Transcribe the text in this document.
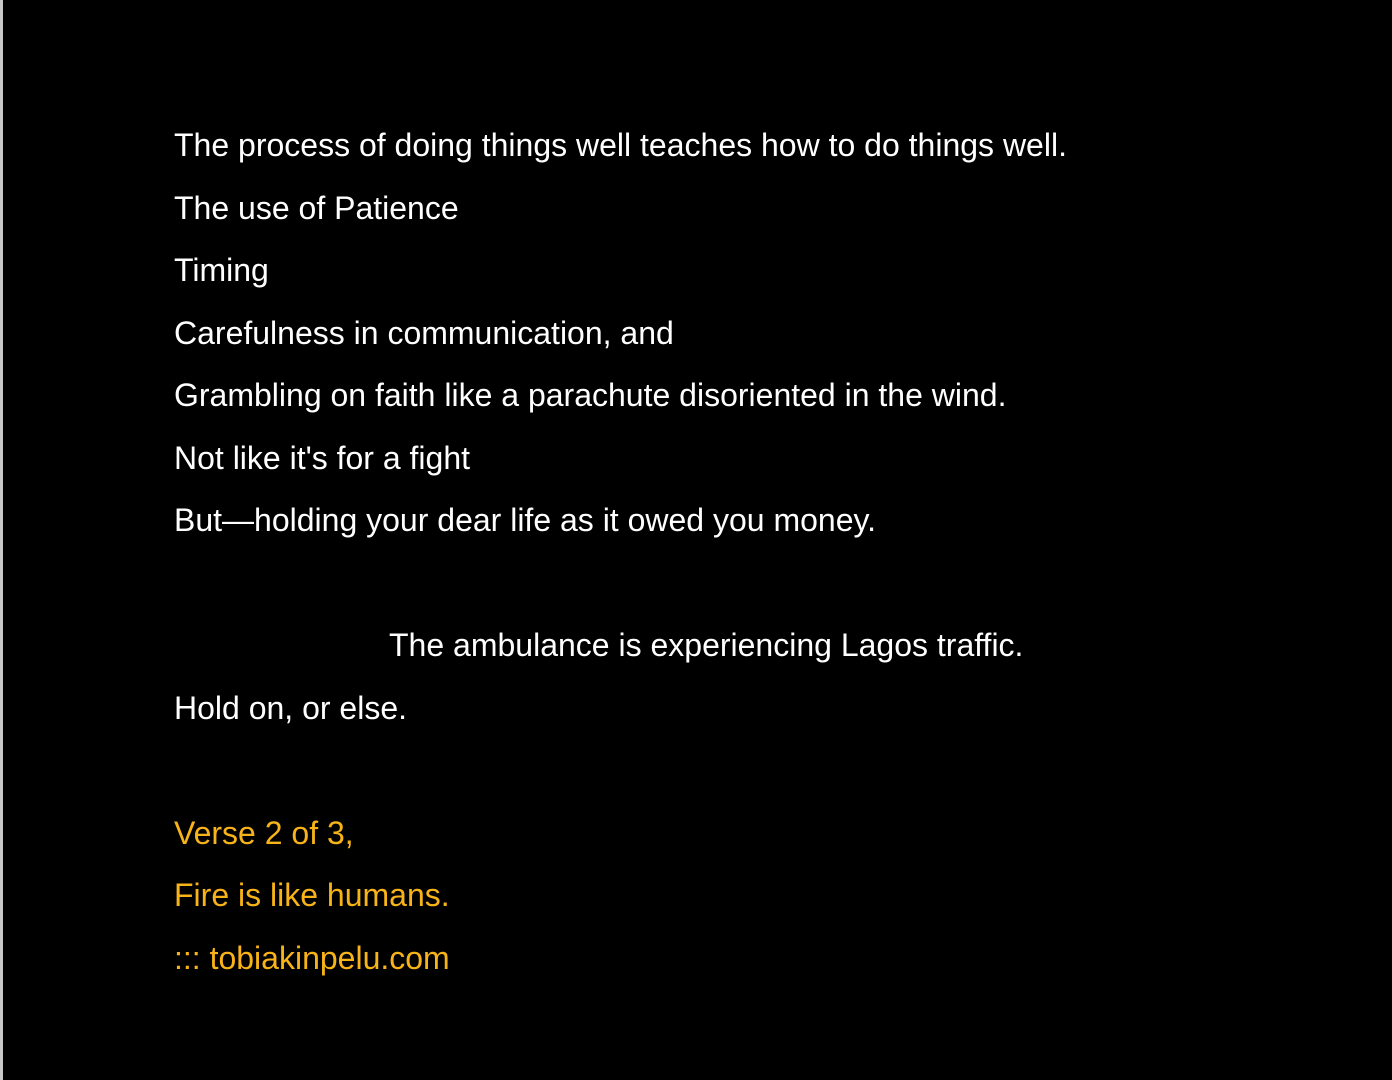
The process of doing things well teaches how to do things well.
The use of Patience
Timing
Carefulness in communication, and
Grambling on faith like a parachute disoriented in the wind.
Not like it's for a fight
But—holding your dear life as it owed you money.
The ambulance is experiencing Lagos traffic.
Hold on, or else.
Verse 2 of 3,
Fire is like humans.
::: tobiakinpelu.com
